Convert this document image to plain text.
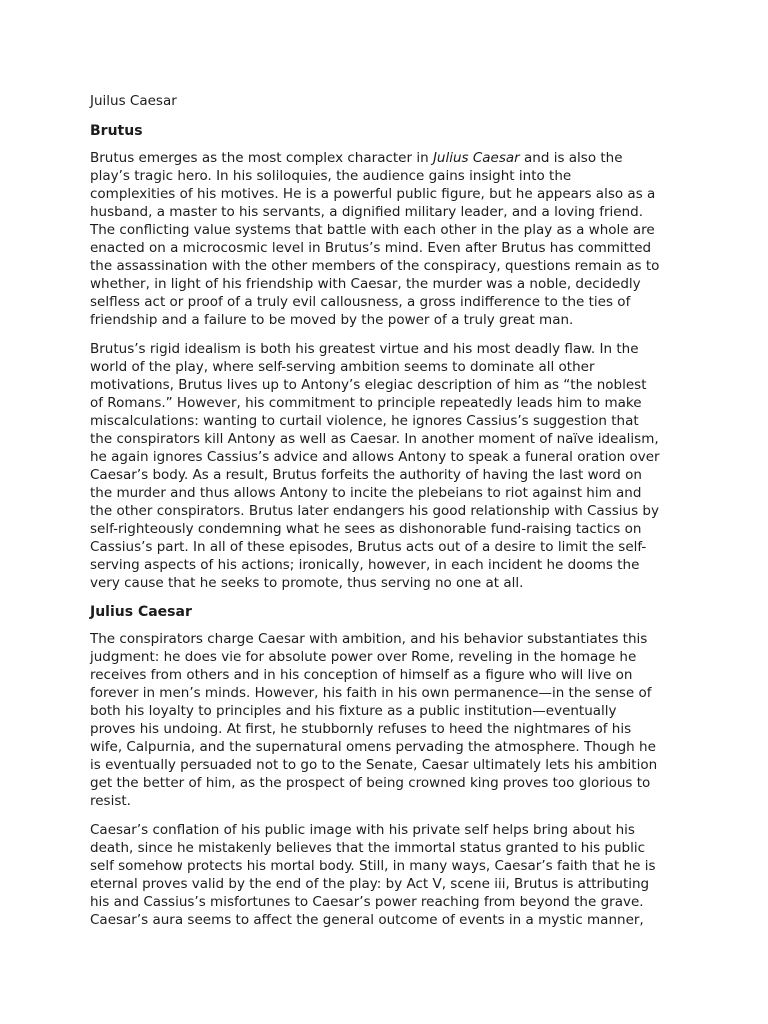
Juilus Caesar
Brutus

Brutus emerges as the most complex character in Julius Caesar and is also the play’s tragic hero. In his soliloquies, the audience gains insight into the complexities of his motives. He is a powerful public figure, but he appears also as a husband, a master to his servants, a dignified military leader, and a loving friend. The conflicting value systems that battle with each other in the play as a whole are enacted on a microcosmic level in Brutus’s mind. Even after Brutus has committed the assassination with the other members of the conspiracy, questions remain as to whether, in light of his friendship with Caesar, the murder was a noble, decidedly selfless act or proof of a truly evil callousness, a gross indifference to the ties of friendship and a failure to be moved by the power of a truly great man.

Brutus’s rigid idealism is both his greatest virtue and his most deadly flaw. In the world of the play, where self-serving ambition seems to dominate all other motivations, Brutus lives up to Antony’s elegiac description of him as “the noblest of Romans.” However, his commitment to principle repeatedly leads him to make miscalculations: wanting to curtail violence, he ignores Cassius’s suggestion that the conspirators kill Antony as well as Caesar. In another moment of naïve idealism, he again ignores Cassius’s advice and allows Antony to speak a funeral oration over Caesar’s body. As a result, Brutus forfeits the authority of having the last word on the murder and thus allows Antony to incite the plebeians to riot against him and the other conspirators. Brutus later endangers his good relationship with Cassius by self-righteously condemning what he sees as dishonorable fund-raising tactics on Cassius’s part. In all of these episodes, Brutus acts out of a desire to limit the self-serving aspects of his actions; ironically, however, in each incident he dooms the very cause that he seeks to promote, thus serving no one at all.

Julius Caesar

The conspirators charge Caesar with ambition, and his behavior substantiates this judgment: he does vie for absolute power over Rome, reveling in the homage he receives from others and in his conception of himself as a figure who will live on forever in men’s minds. However, his faith in his own permanence—in the sense of both his loyalty to principles and his fixture as a public institution—eventually proves his undoing. At first, he stubbornly refuses to heed the nightmares of his wife, Calpurnia, and the supernatural omens pervading the atmosphere. Though he is eventually persuaded not to go to the Senate, Caesar ultimately lets his ambition get the better of him, as the prospect of being crowned king proves too glorious to resist.

Caesar’s conflation of his public image with his private self helps bring about his death, since he mistakenly believes that the immortal status granted to his public self somehow protects his mortal body. Still, in many ways, Caesar’s faith that he is eternal proves valid by the end of the play: by Act V, scene iii, Brutus is attributing his and Cassius’s misfortunes to Caesar’s power reaching from beyond the grave. Caesar’s aura seems to affect the general outcome of events in a mystic manner,
